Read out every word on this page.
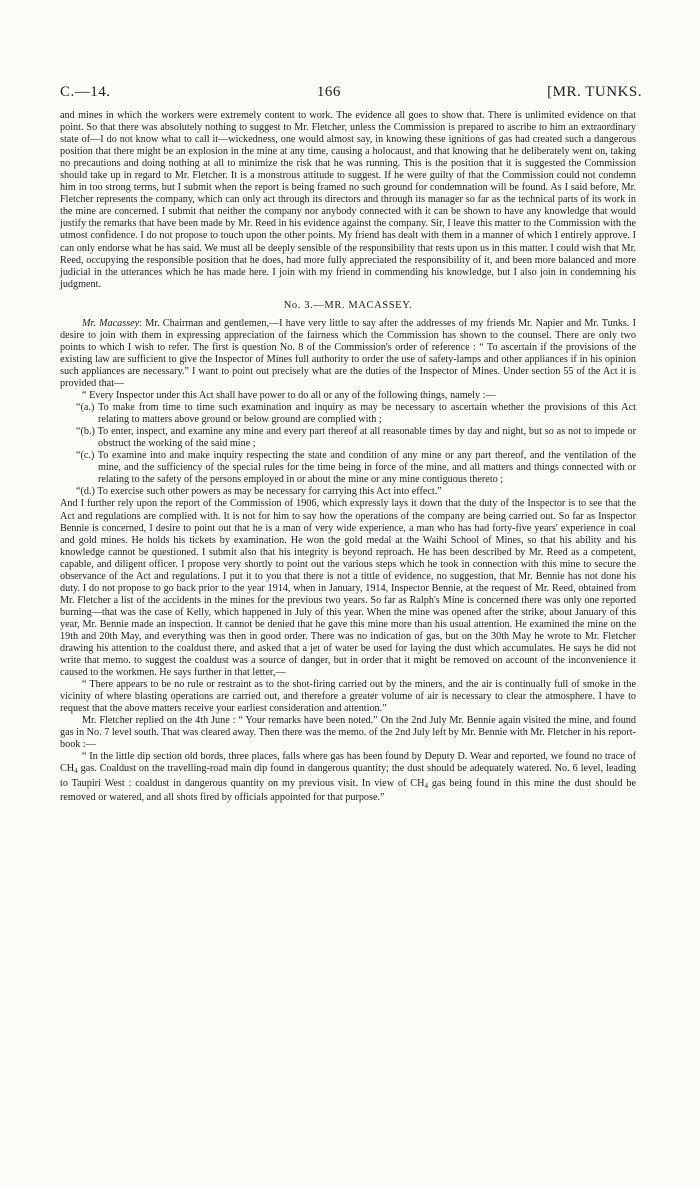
C.—14.	166	[MR. TUNKS.

and mines in which the workers were extremely content to work. The evidence all goes to show that. There is unlimited evidence on that point. So that there was absolutely nothing to suggest to Mr. Fletcher, unless the Commission is prepared to ascribe to him an extraordinary state of—I do not know what to call it—wickedness, one would almost say, in knowing these ignitions of gas had created such a dangerous position that there might be an explosion in the mine at any time, causing a holocaust, and that knowing that he deliberately went on, taking no precautions and doing nothing at all to minimize the risk that he was running. This is the position that it is suggested the Commission should take up in regard to Mr. Fletcher. It is a monstrous attitude to suggest. If he were guilty of that the Commission could not condemn him in too strong terms, but I submit when the report is being framed no such ground for condemnation will be found. As I said before, Mr. Fletcher represents the company, which can only act through its directors and through its manager so far as the technical parts of its work in the mine are concerned. I submit that neither the company nor anybody connected with it can be shown to have any knowledge that would justify the remarks that have been made by Mr. Reed in his evidence against the company. Sir, I leave this matter to the Commission with the utmost confidence. I do not propose to touch upon the other points. My friend has dealt with them in a manner of which I entirely approve. I can only endorse what he has said. We must all be deeply sensible of the responsibility that rests upon us in this matter. I could wish that Mr. Reed, occupying the responsible position that he does, had more fully appreciated the responsibility of it, and been more balanced and more judicial in the utterances which he has made here. I join with my friend in commending his knowledge, but I also join in condemning his judgment.

No. 3.—MR. MACASSEY.

Mr. Macassey: Mr. Chairman and gentlemen,—I have very little to say after the addresses of my friends Mr. Napier and Mr. Tunks. I desire to join with them in expressing appreciation of the fairness which the Commission has shown to the counsel. There are only two points to which I wish to refer. The first is question No. 8 of the Commission's order of reference : “ To ascertain if the provisions of the existing law are sufficient to give the Inspector of Mines full authority to order the use of safety-lamps and other appliances if in his opinion such appliances are necessary.” I want to point out precisely what are the duties of the Inspector of Mines. Under section 55 of the Act it is provided that—

“ Every Inspector under this Act shall have power to do all or any of the following things, namely :—

“(a.) To make from time to time such examination and inquiry as may be necessary to ascertain whether the provisions of this Act relating to matters above ground or below ground are complied with ;

“(b.) To enter, inspect, and examine any mine and every part thereof at all reasonable times by day and night, but so as not to impede or obstruct the working of the said mine ;

“(c.) To examine into and make inquiry respecting the state and condition of any mine or any part thereof, and the ventilation of the mine, and the sufficiency of the special rules for the time being in force of the mine, and all matters and things connected with or relating to the safety of the persons employed in or about the mine or any mine contiguous thereto ;

“(d.) To exercise such other powers as may be necessary for carrying this Act into effect.”

And I further rely upon the report of the Commission of 1906, which expressly lays it down that the duty of the Inspector is to see that the Act and regulations are complied with. It is not for him to say how the operations of the company are being carried out. So far as Inspector Bennie is concerned, I desire to point out that he is a man of very wide experience, a man who has had forty-five years' experience in coal and gold mines. He holds his tickets by examination. He won the gold medal at the Waihi School of Mines, so that his ability and his knowledge cannot be questioned. I submit also that his integrity is beyond reproach. He has been described by Mr. Reed as a competent, capable, and diligent officer. I propose very shortly to point out the various steps which he took in connection with this mine to secure the observance of the Act and regulations. I put it to you that there is not a tittle of evidence, no suggestion, that Mr. Bennie has not done his duty. I do not propose to go back prior to the year 1914, when in January, 1914, Inspector Bennie, at the request of Mr. Reed, obtained from Mr. Fletcher a list of the accidents in the mines for the previous two years. So far as Ralph's Mine is concerned there was only one reported burning—that was the case of Kelly, which happened in July of this year. When the mine was opened after the strike, about January of this year, Mr. Bennie made an inspection. It cannot be denied that he gave this mine more than his usual attention. He examined the mine on the 19th and 20th May, and everything was then in good order. There was no indication of gas, but on the 30th May he wrote to Mr. Fletcher drawing his attention to the coaldust there, and asked that a jet of water be used for laying the dust which accumulates. He says he did not write that memo. to suggest the coaldust was a source of danger, but in order that it might be removed on account of the inconvenience it caused to the workmen. He says further in that letter,—

“ There appears to be no rule or restraint as to the shot-firing carried out by the miners, and the air is continually full of smoke in the vicinity of where blasting operations are carried out, and therefore a greater volume of air is necessary to clear the atmosphere. I have to request that the above matters receive your earliest consideration and attention.”

Mr. Fletcher replied on the 4th June : “ Your remarks have been noted.” On the 2nd July Mr. Bennie again visited the mine, and found gas in No. 7 level south. That was cleared away. Then there was the memo. of the 2nd July left by Mr. Bennie with Mr. Fletcher in his report-book :—

“ In the little dip section old bords, three places, falls where gas has been found by Deputy D. Wear and reported, we found no trace of $CH_4$ gas. Coaldust on the travelling-road main dip found in dangerous quantity; the dust should be adequately watered. No. 6 level, leading to Taupiri West : coaldust in dangerous quantity on my previous visit. In view of $CH_4$ gas being found in this mine the dust should be removed or watered, and all shots fired by officials appointed for that purpose.”
